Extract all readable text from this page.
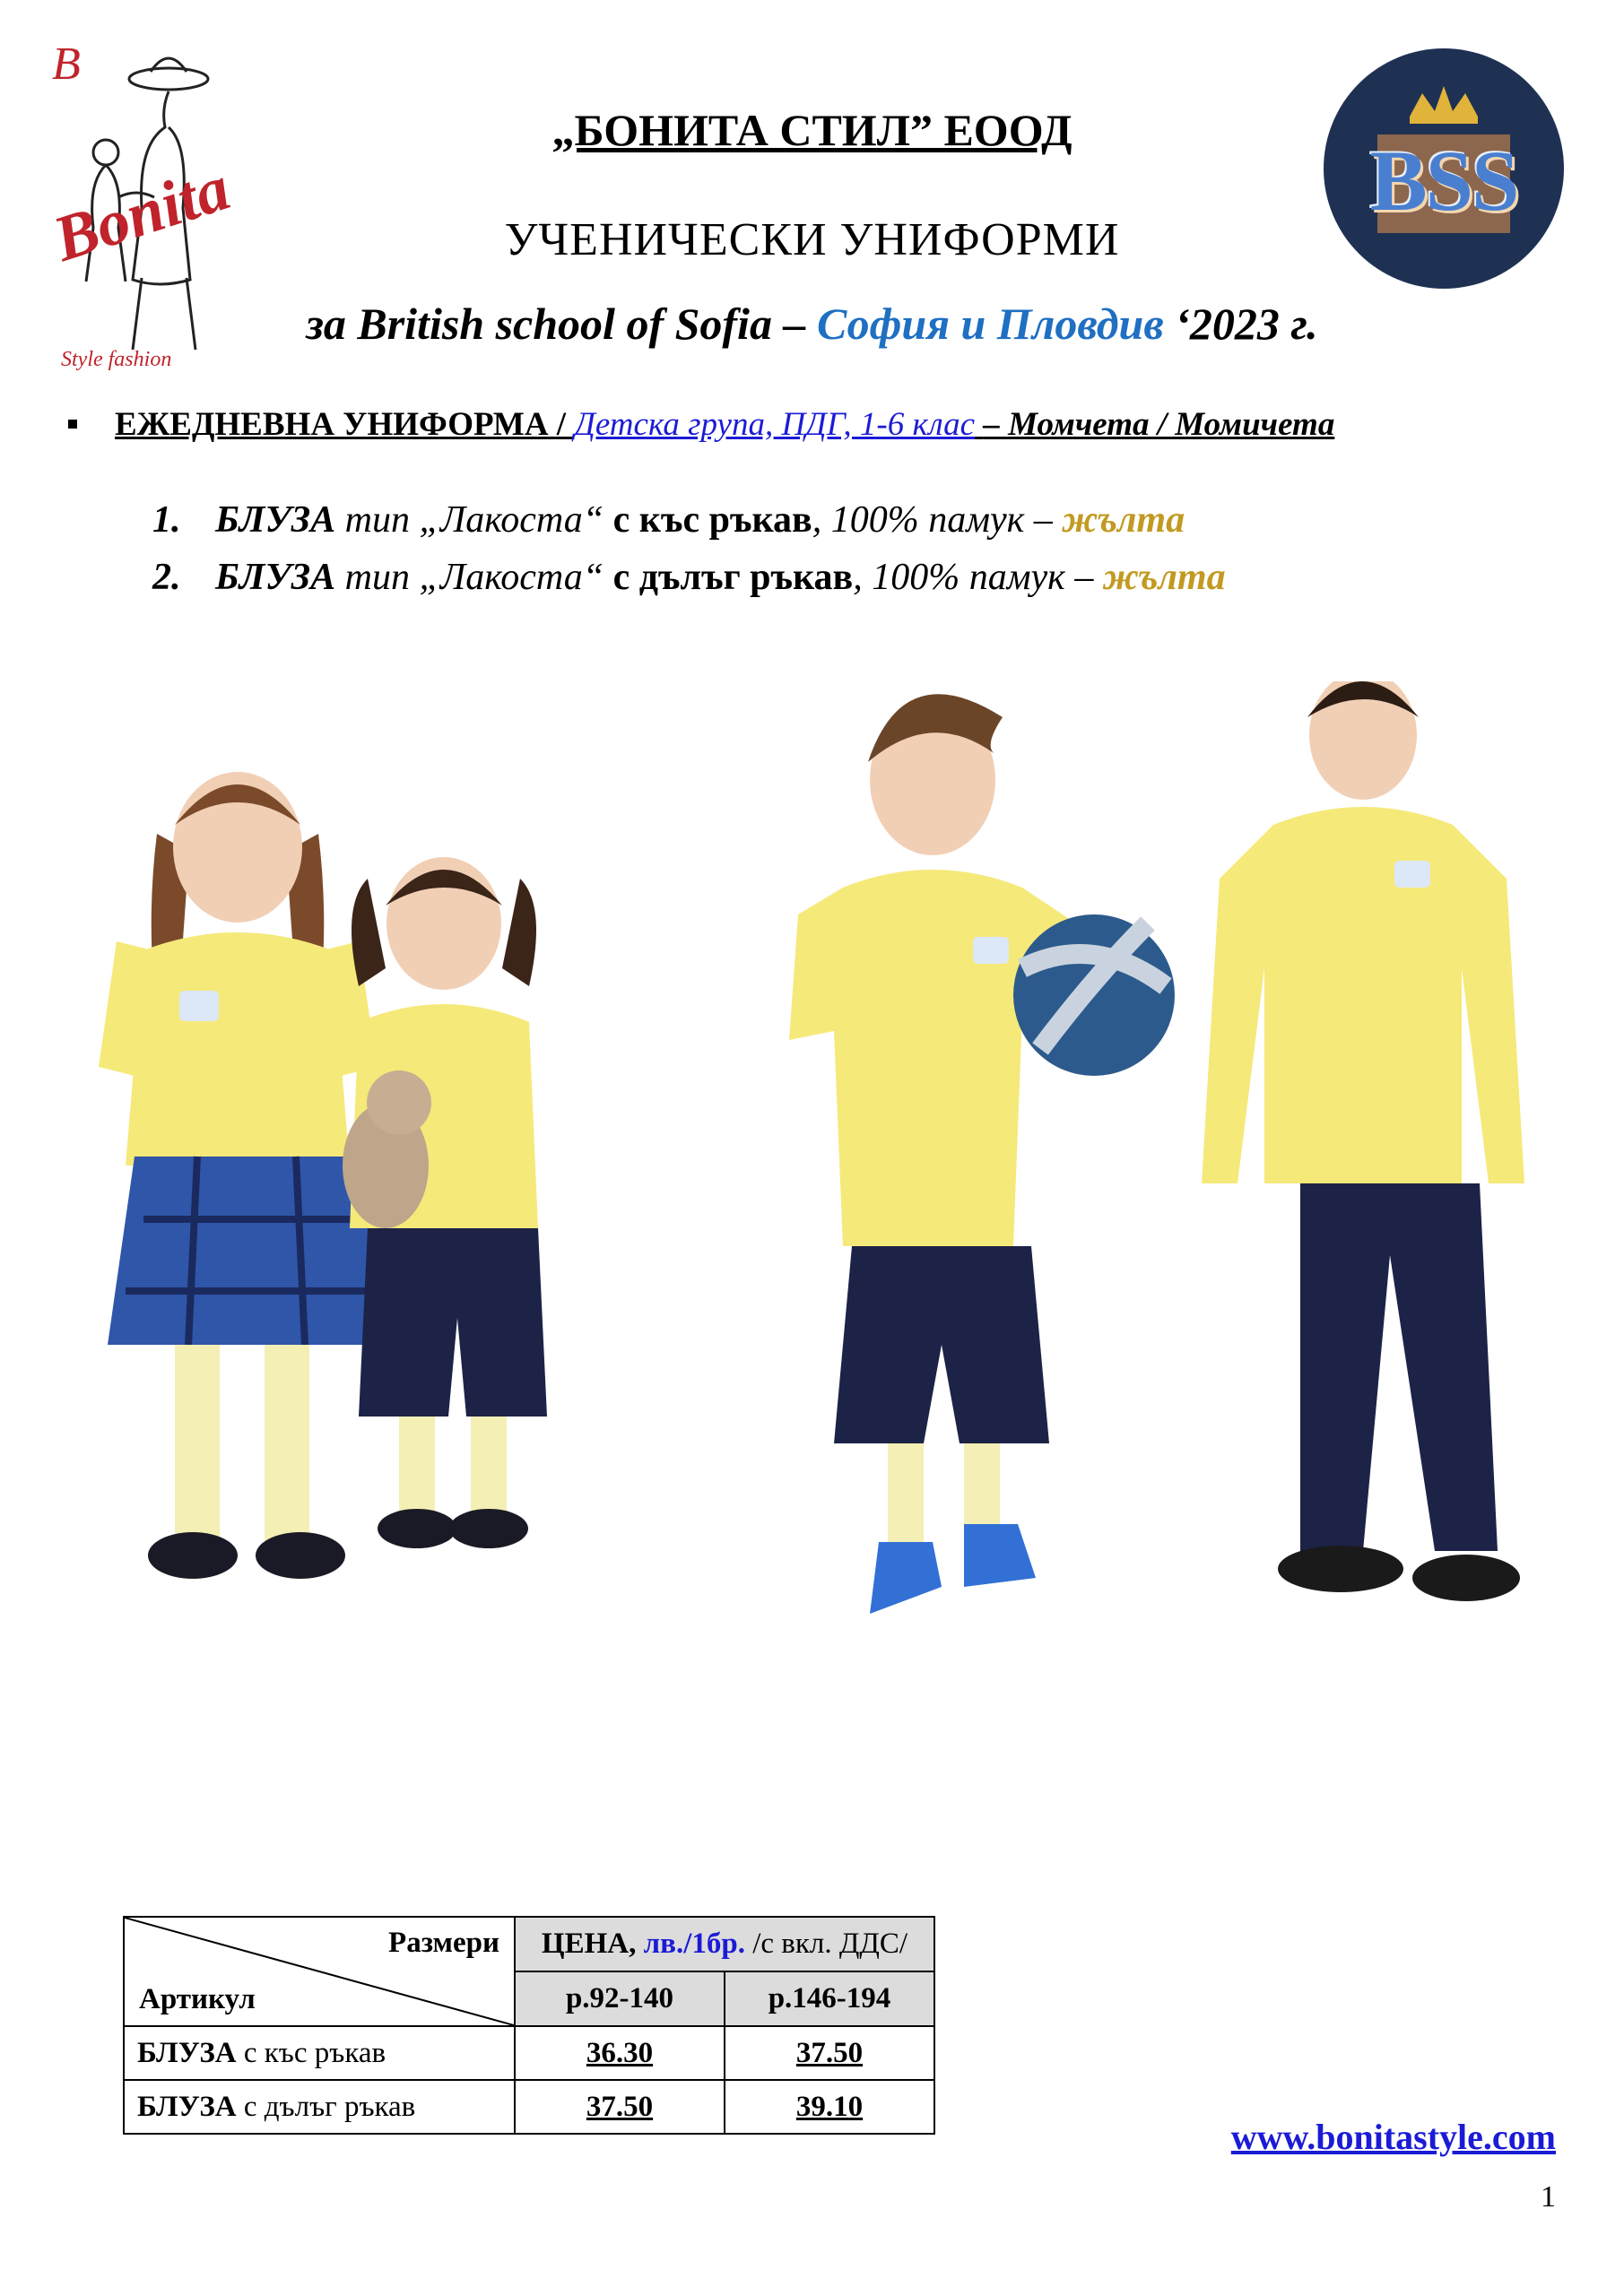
B
Bonita
Style fashion
BSS
„БОНИТА СТИЛ” ЕООД
УЧЕНИЧЕСКИ УНИФОРМИ
за British school of Sofia – София и Пловдив ‘2023 г.
ЕЖЕДНЕВНА УНИФОРМА / Детска група, ПДГ, 1-6 клас – Момчета / Момичета
1. БЛУЗА тип „Лакоста“ с къс ръкав, 100% памук – жълта
2. БЛУЗА тип „Лакоста“ с дълъг ръкав, 100% памук – жълта
Размери
Артикул	ЦЕНА, лв./1бр. /с вкл. ДДС/	
	р.92-140	р.146-194
БЛУЗА с къс ръкав	36.30	37.50
БЛУЗА с дълъг ръкав	37.50	39.10
www.bonitastyle.com
1
